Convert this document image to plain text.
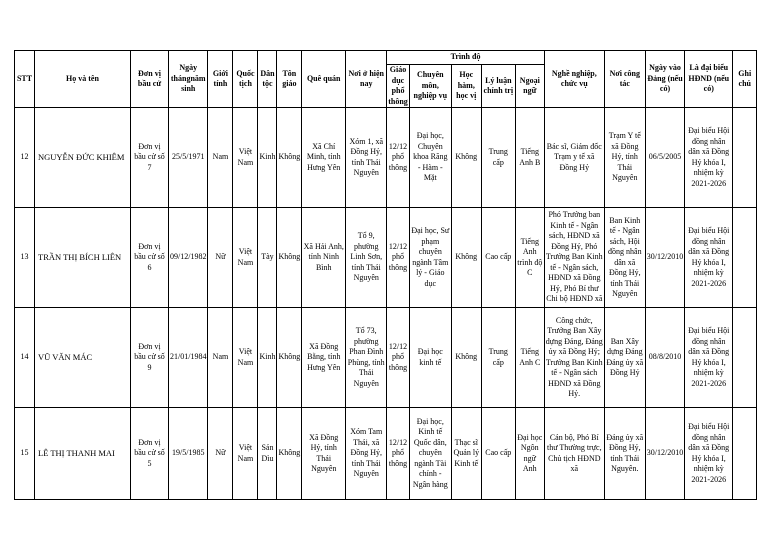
STT	Họ và tên	Đơn vị bầu cử	Ngày thángnăm sinh	Giới tính	Quốc tịch	Dân tộc	Tôn giáo	Quê quán	Nơi ở hiện nay	Trình độ					Nghề nghiệp, chức vụ	Nơi công tác	Ngày vào Đảng (nếu có)	Là đại biểu HĐND (nếu có)	Ghi chú
										Giáo dục phổ thông	Chuyên môn, nghiệp vụ	Học hàm, học vị	Lý luận chính trị	Ngoại ngữ					
12	NGUYỄN ĐỨC KHIÊM	Đơn vị bầu cử số 7	25/5/1971	Nam	Việt Nam	Kinh	Không	Xã Chí Minh, tỉnh Hưng Yên	Xóm 1, xã Đồng Hỷ, tỉnh Thái Nguyên	12/12 phổ thông	Đại học, Chuyên khoa Răng - Hàm - Mặt	Không	Trung cấp	Tiếng Anh B	Bác sĩ, Giám đốc Trạm y tế xã Đồng Hỷ	Trạm Y tế xã Đồng Hỷ, tỉnh Thái Nguyên	06/5/2005	Đại biểu Hội đồng nhân dân xã Đồng Hỷ khóa I, nhiệm kỳ 2021-2026	
13	TRẦN THỊ BÍCH LIÊN	Đơn vị bầu cử số 6	09/12/1982	Nữ	Việt Nam	Tày	Không	Xã Hải Anh, tỉnh Ninh Bình	Tổ 9, phường Linh Sơn, tỉnh Thái Nguyên	12/12 phổ thông	Đại học, Sư phạm chuyên ngành Tâm lý - Giáo dục	Không	Cao cấp	Tiếng Anh trình độ C	Phó Trưởng ban Kinh tế - Ngân sách, HĐND xã Đồng Hỷ, Phó Trưởng Ban Kinh tế - Ngân sách, HĐND xã Đồng Hỷ, Phó Bí thư Chi bộ HĐND xã	Ban Kinh tế - Ngân sách, Hội đồng nhân dân xã Đồng Hỷ, tỉnh Thái Nguyên	30/12/2010	Đại biểu Hội đồng nhân dân xã Đồng Hỷ khóa I, nhiệm kỳ 2021-2026	
14	VŨ VĂN MÁC	Đơn vị bầu cử số 9	21/01/1984	Nam	Việt Nam	Kinh	Không	Xã Đồng Bằng, tỉnh Hưng Yên	Tổ 73, phường Phan Đình Phùng, tỉnh Thái Nguyên	12/12 phổ thông	Đại học kinh tế	Không	Trung cấp	Tiếng Anh C	Công chức, Trưởng Ban Xây dựng Đảng, Đảng ủy xã Đồng Hỷ; Trưởng Ban Kinh tế - Ngân sách HĐND xã Đồng Hỷ.	Ban Xây dựng Đảng Đảng ủy xã Đồng Hỷ	08/8/2010	Đại biểu Hội đồng nhân dân xã Đồng Hỷ khóa I, nhiệm kỳ 2021-2026	
15	LÊ THỊ THANH MAI	Đơn vị bầu cử số 5	19/5/1985	Nữ	Việt Nam	Sán Dìu	Không	Xã Đồng Hỷ, tỉnh Thái Nguyên	Xóm Tam Thái, xã Đồng Hỷ, tỉnh Thái Nguyên	12/12 phổ thông	Đại học, Kinh tế Quốc dân, chuyên ngành Tài chính - Ngân hàng	Thạc sĩ Quản lý Kinh tế	Cao cấp	Đại học Ngôn ngữ Anh	Cán bộ, Phó Bí thư Thường trực, Chủ tịch HĐND xã	Đảng ủy xã Đồng Hỷ, tỉnh Thái Nguyên.	30/12/2010	Đại biểu Hội đồng nhân dân xã Đồng Hỷ khóa I, nhiệm kỳ 2021-2026	
